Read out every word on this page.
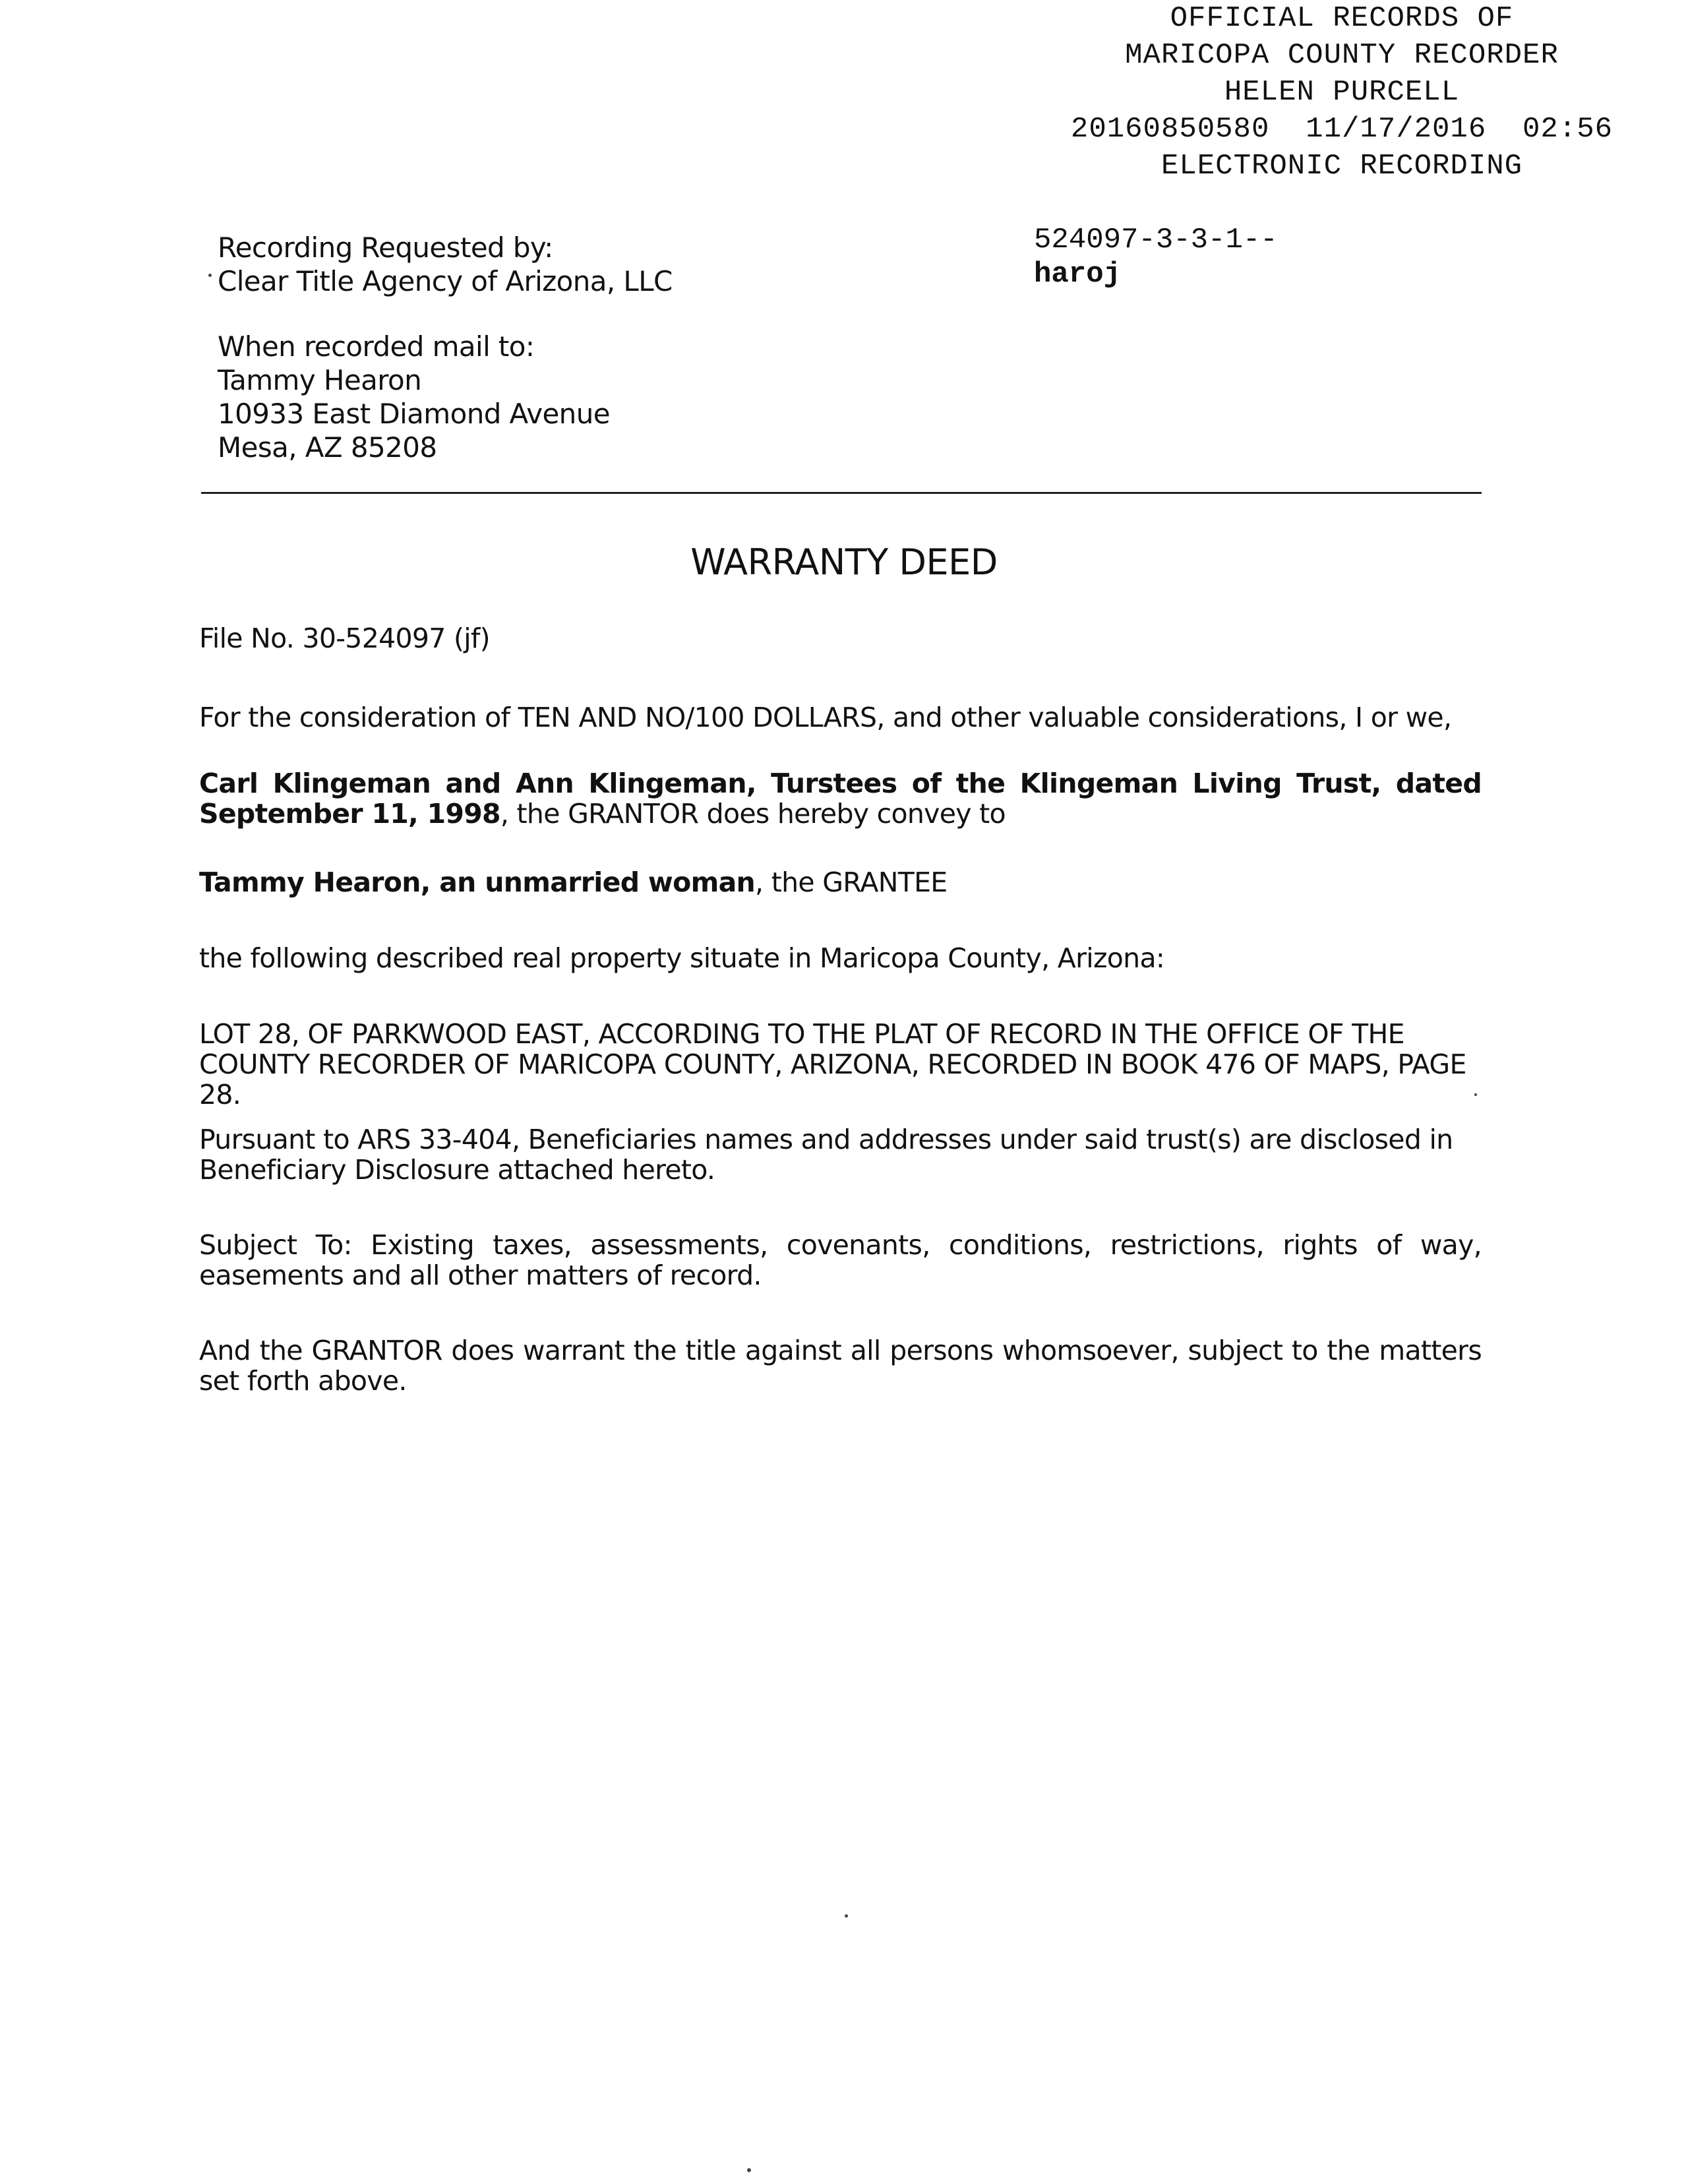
OFFICIAL RECORDS OF
MARICOPA COUNTY RECORDER
HELEN PURCELL
20160850580  11/17/2016  02:56
ELECTRONIC RECORDING
524097-3-3-1--
haroj
Recording Requested by:
Clear Title Agency of Arizona, LLC
When recorded mail to:
Tammy Hearon
10933 East Diamond Avenue
Mesa, AZ 85208
WARRANTY DEED
File No. 30-524097 (jf)
For the consideration of TEN AND NO/100 DOLLARS, and other valuable considerations, I or we,
Carl Klingeman and Ann Klingeman, Turstees of the Klingeman Living Trust, dated September 11, 1998, the GRANTOR does hereby convey to
Tammy Hearon, an unmarried woman, the GRANTEE
the following described real property situate in Maricopa County, Arizona:
LOT 28, OF PARKWOOD EAST, ACCORDING TO THE PLAT OF RECORD IN THE OFFICE OF THE COUNTY RECORDER OF MARICOPA COUNTY, ARIZONA, RECORDED IN BOOK 476 OF MAPS, PAGE 28.
Pursuant to ARS 33-404, Beneficiaries names and addresses under said trust(s) are disclosed in Beneficiary Disclosure attached hereto.
Subject To: Existing taxes, assessments, covenants, conditions, restrictions, rights of way, easements and all other matters of record.
And the GRANTOR does warrant the title against all persons whomsoever, subject to the matters set forth above.
